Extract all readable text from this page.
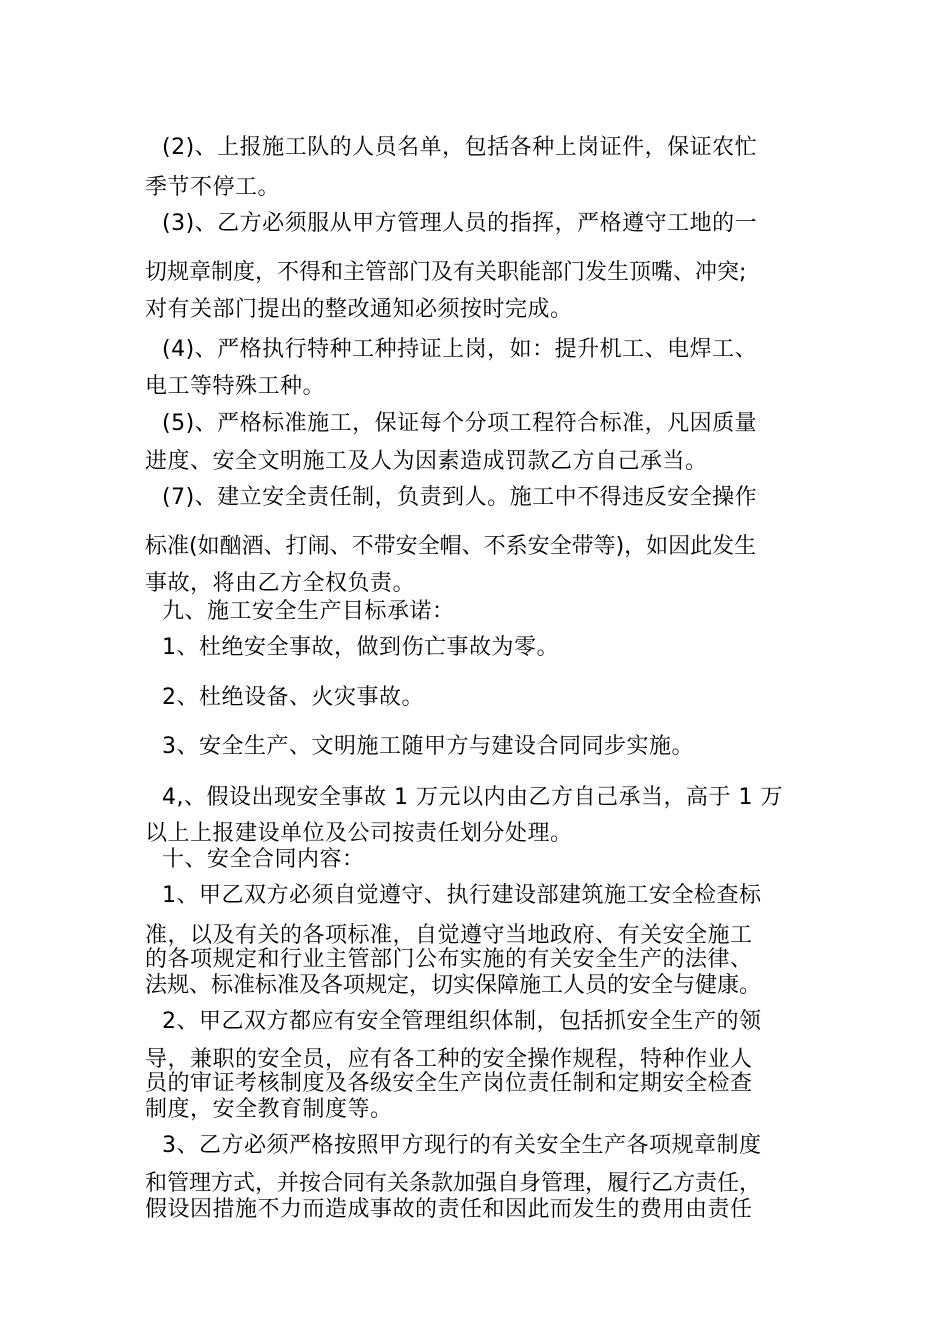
(2)、上报施工队的人员名单，包括各种上岗证件，保证农忙
季节不停工。
(3)、乙方必须服从甲方管理人员的指挥，严格遵守工地的一
切规章制度，不得和主管部门及有关职能部门发生顶嘴、冲突;
对有关部门提出的整改通知必须按时完成。
(4)、严格执行特种工种持证上岗，如：提升机工、电焊工、
电工等特殊工种。
(5)、严格标准施工，保证每个分项工程符合标准，凡因质量
进度、安全文明施工及人为因素造成罚款乙方自己承当。
(7)、建立安全责任制，负责到人。施工中不得违反安全操作
标准(如酗酒、打闹、不带安全帽、不系安全带等)，如因此发生
事故，将由乙方全权负责。
九、施工安全生产目标承诺：
1、杜绝安全事故，做到伤亡事故为零。
2、杜绝设备、火灾事故。
3、安全生产、文明施工随甲方与建设合同同步实施。
4,、假设出现安全事故 1 万元以内由乙方自己承当，高于 1 万
以上上报建设单位及公司按责任划分处理。
十、安全合同内容：
1、甲乙双方必须自觉遵守、执行建设部建筑施工安全检查标
准，以及有关的各项标准，自觉遵守当地政府、有关安全施工
的各项规定和行业主管部门公布实施的有关安全生产的法律、
法规、标准标准及各项规定，切实保障施工人员的安全与健康。
2、甲乙双方都应有安全管理组织体制，包括抓安全生产的领
导，兼职的安全员，应有各工种的安全操作规程，特种作业人
员的审证考核制度及各级安全生产岗位责任制和定期安全检查
制度，安全教育制度等。
3、乙方必须严格按照甲方现行的有关安全生产各项规章制度
和管理方式，并按合同有关条款加强自身管理，履行乙方责任，
假设因措施不力而造成事故的责任和因此而发生的费用由责任
